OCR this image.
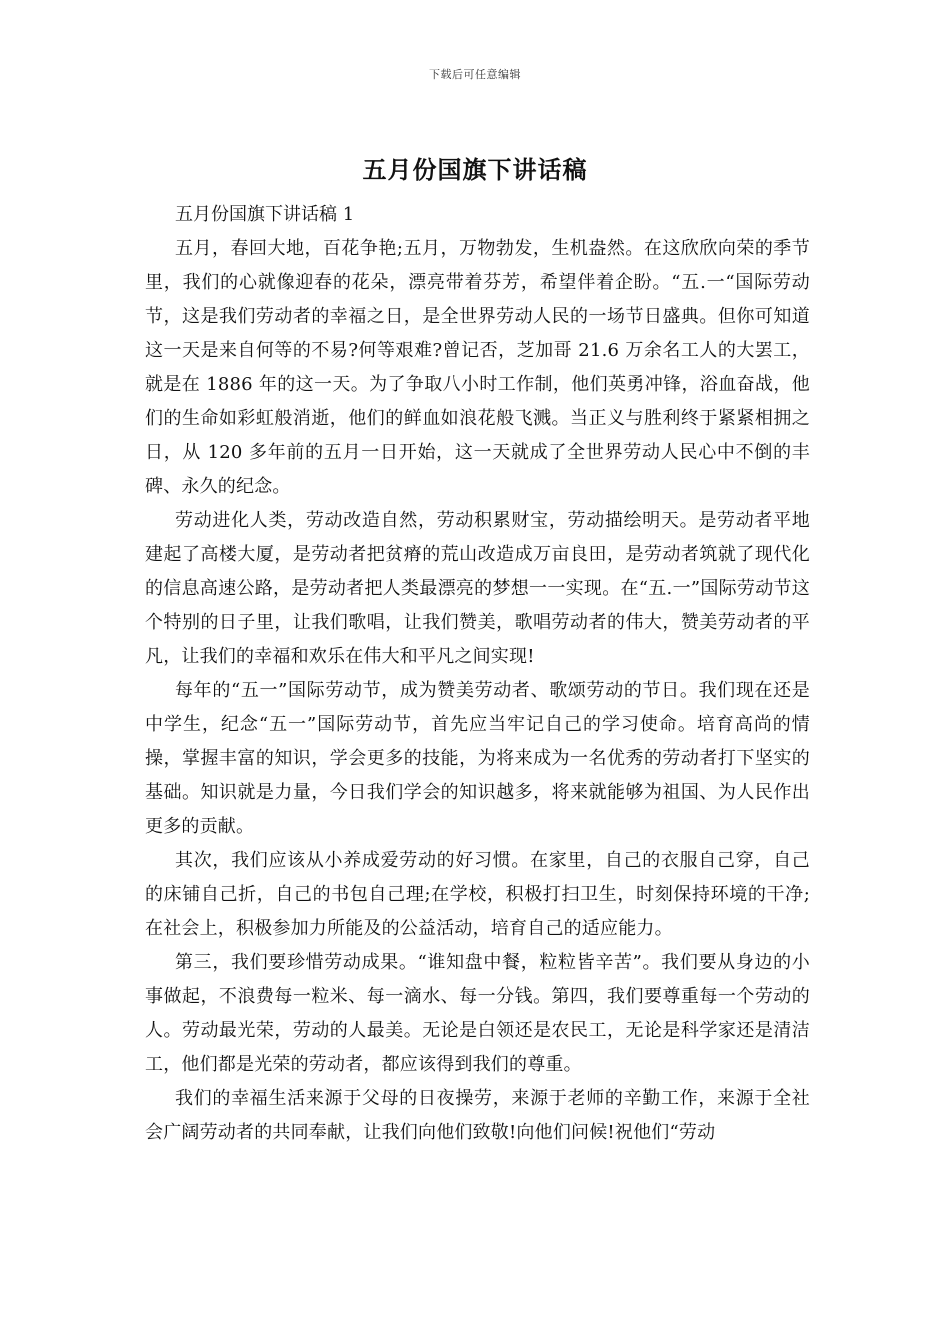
下载后可任意编辑
五月份国旗下讲话稿

五月份国旗下讲话稿 1

五月，春回大地，百花争艳;五月，万物勃发，生机盎然。在这欣欣向荣的季节里，我们的心就像迎春的花朵，漂亮带着芬芳，希望伴着企盼。“五.一“国际劳动节，这是我们劳动者的幸福之日，是全世界劳动人民的一场节日盛典。但你可知道这一天是来自何等的不易?何等艰难?曾记否，芝加哥 21.6 万余名工人的大罢工，就是在 1886 年的这一天。为了争取八小时工作制，他们英勇冲锋，浴血奋战，他们的生命如彩虹般消逝，他们的鲜血如浪花般飞溅。当正义与胜利终于紧紧相拥之日，从 120 多年前的五月一日开始，这一天就成了全世界劳动人民心中不倒的丰碑、永久的纪念。

劳动进化人类，劳动改造自然，劳动积累财宝，劳动描绘明天。是劳动者平地建起了高楼大厦，是劳动者把贫瘠的荒山改造成万亩良田，是劳动者筑就了现代化的信息高速公路，是劳动者把人类最漂亮的梦想一一实现。在“五.一”国际劳动节这个特别的日子里，让我们歌唱，让我们赞美，歌唱劳动者的伟大，赞美劳动者的平凡，让我们的幸福和欢乐在伟大和平凡之间实现!

每年的“五一”国际劳动节，成为赞美劳动者、歌颂劳动的节日。我们现在还是中学生，纪念“五一”国际劳动节，首先应当牢记自己的学习使命。培育高尚的情操，掌握丰富的知识，学会更多的技能，为将来成为一名优秀的劳动者打下坚实的基础。知识就是力量，今日我们学会的知识越多，将来就能够为祖国、为人民作出更多的贡献。

其次，我们应该从小养成爱劳动的好习惯。在家里，自己的衣服自己穿，自己的床铺自己折，自己的书包自己理;在学校，积极打扫卫生，时刻保持环境的干净;在社会上，积极参加力所能及的公益活动，培育自己的适应能力。

第三，我们要珍惜劳动成果。“谁知盘中餐，粒粒皆辛苦”。我们要从身边的小事做起，不浪费每一粒米、每一滴水、每一分钱。第四，我们要尊重每一个劳动的人。劳动最光荣，劳动的人最美。无论是白领还是农民工，无论是科学家还是清洁工，他们都是光荣的劳动者，都应该得到我们的尊重。

我们的幸福生活来源于父母的日夜操劳，来源于老师的辛勤工作，来源于全社会广阔劳动者的共同奉献，让我们向他们致敬!向他们问候!祝他们“劳动
